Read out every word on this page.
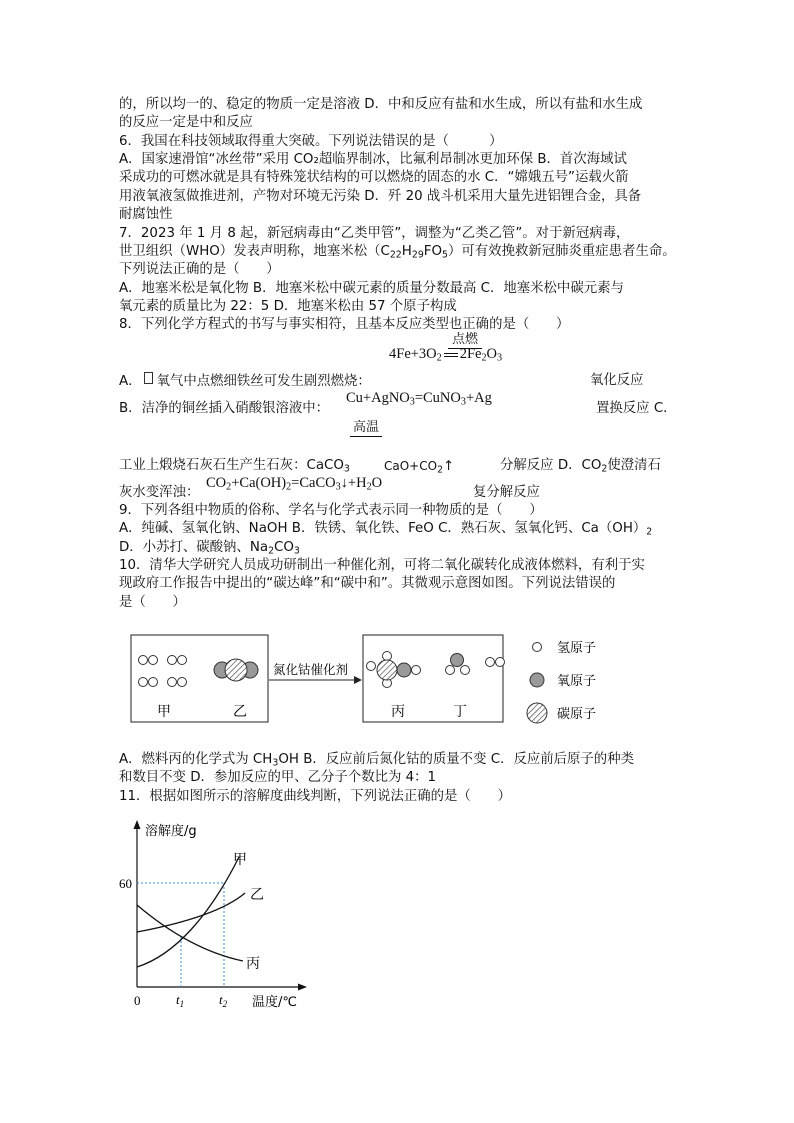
的，所以均一的、稳定的物质一定是溶液 D．中和反应有盐和水生成，所以有盐和水生成
的反应一定是中和反应
6．我国在科技领域取得重大突破。下列说法错误的是（　　　）
A．国家速滑馆“冰丝带”采用 CO₂超临界制冰，比氟利昂制冰更加环保 B．首次海域试
采成功的可燃冰就是具有特殊笼状结构的可以燃烧的固态的水 C．“嫦娥五号”运载火箭
用液氧液氢做推进剂，产物对环境无污染 D．歼 20 战斗机采用大量先进铝锂合金，具备
耐腐蚀性
7．2023 年 1 月 8 起，新冠病毒由“乙类甲管”，调整为“乙类乙管”。对于新冠病毒，
世卫组织（WHO）发表声明称，地塞米松$(C_{22}H_{29}FO_5)$可有效挽救新冠肺炎重症患者生命。
下列说法正确的是（　　）
A．地塞米松是氧化物 B．地塞米松中碳元素的质量分数最高 C．地塞米松中碳元素与
氧元素的质量比为 22：5 D．地塞米松由 57 个原子构成
8．下列化学方程式的书写与事实相符，且基本反应类型也正确的是（　　）
点燃
$4Fe+3O_2$ $2Fe_2O_3$
A． 氧气中点燃细铁丝可发生剧烈燃烧：	氧化反应
B．洁净的铜丝插入硝酸银溶液中：
Cu+AgNO$_3$=CuNO$_3$+Ag
置换反应 C．
高温
工业上煅烧石灰石生产生石灰：CaCO$_3$	$CaO+CO_2↑$	分解反应 D．$CO_2$使澄清石
灰水变浑浊：
$CO_2+Ca(OH)_2=CaCO_3↓+H_2O$
复分解反应
9．下列各组中物质的俗称、学名与化学式表示同一种物质的是（　　）
A．纯碱、氢氧化钠、NaOH B．铁锈、氧化铁、FeO C．熟石灰、氢氧化钙、$Ca(OH)_2$
D．小苏打、碳酸钠、$Na_2CO_3$
10．清华大学研究人员成功研制出一种催化剂，可将二氧化碳转化成液体燃料，有利于实
现政府工作报告中提出的“碳达峰”和“碳中和”。其微观示意图如图。下列说法错误的
是（　　）
甲	乙
氮化钴催化剂
丙	丁
氢原子
氧原子
碳原子
A．燃料丙的化学式为 $CH_3OH$ B．反应前后氮化钴的质量不变 C．反应前后原子的种类
和数目不变 D．参加反应的甲、乙分子个数比为 4：1
11．根据如图所示的溶解度曲线判断，下列说法正确的是（　　）
溶解度/g
温度/℃
0
60
$t_1$	$t_2$
甲
乙
丙
